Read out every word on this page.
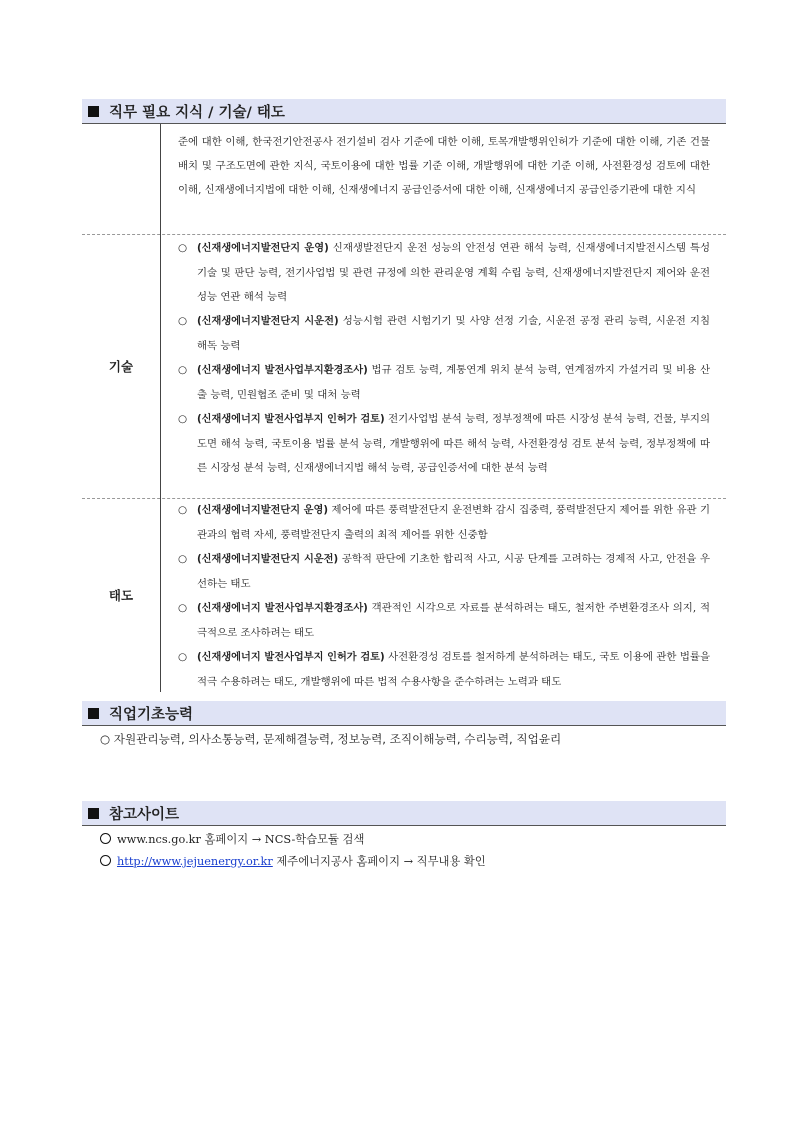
직무 필요 지식 / 기술/ 태도
준에 대한 이해, 한국전기안전공사 전기설비 검사 기준에 대한 이해, 토목개발행위인허가 기준에 대한 이해, 기존 건물배치 및 구조도면에 관한 지식, 국토이용에 대한 법률 기준 이해, 개발행위에 대한 기준 이해, 사전환경성 검토에 대한 이해, 신재생에너지법에 대한 이해, 신재생에너지 공급인증서에 대한 이해, 신재생에너지 공급인증기관에 대한 지식
기술
○ (신재생에너지발전단지 운영) 신재생발전단지 운전 성능의 안전성 연관 해석 능력, 신재생에너지발전시스템 특성 기술 및 판단 능력, 전기사업법 및 관련 규정에 의한 관리운영 계획 수립 능력, 신재생에너지발전단지 제어와 운전 성능 연관 해석 능력
○ (신재생에너지발전단지 시운전) 성능시험 관련 시험기기 및 사양 선정 기술, 시운전 공정 관리 능력, 시운전 지침 해독 능력
○ (신재생에너지 발전사업부지환경조사) 법규 검토 능력, 계통연계 위치 분석 능력, 연계점까지 가설거리 및 비용 산출 능력, 민원협조 준비 및 대처 능력
○ (신재생에너지 발전사업부지 인허가 검토) 전기사업법 분석 능력, 정부정책에 따른 시장성 분석 능력, 건물, 부지의 도면 해석 능력, 국토이용 법률 분석 능력, 개발행위에 따른 해석 능력, 사전환경성 검토 분석 능력, 정부정책에 따른 시장성 분석 능력, 신재생에너지법 해석 능력, 공급인증서에 대한 분석 능력
태도
○ (신재생에너지발전단지 운영) 제어에 따른 풍력발전단지 운전변화 감시 집중력, 풍력발전단지 제어를 위한 유관 기관과의 협력 자세, 풍력발전단지 출력의 최적 제어를 위한 신중함
○ (신재생에너지발전단지 시운전) 공학적 판단에 기초한 합리적 사고, 시공 단계를 고려하는 경제적 사고, 안전을 우선하는 태도
○ (신재생에너지 발전사업부지환경조사) 객관적인 시각으로 자료를 분석하려는 태도, 철저한 주변환경조사 의지, 적극적으로 조사하려는 태도
○ (신재생에너지 발전사업부지 인허가 검토) 사전환경성 검토를 철저하게 분석하려는 태도, 국토 이용에 관한 법률을 적극 수용하려는 태도, 개발행위에 따른 법적 수용사항을 준수하려는 노력과 태도
직업기초능력
○ 자원관리능력, 의사소통능력, 문제해결능력, 정보능력, 조직이해능력, 수리능력, 직업윤리
참고사이트
www.ncs.go.kr 홈페이지 → NCS-학습모듈 검색
http://www.jejuenergy.or.kr 제주에너지공사 홈페이지 → 직무내용 확인
